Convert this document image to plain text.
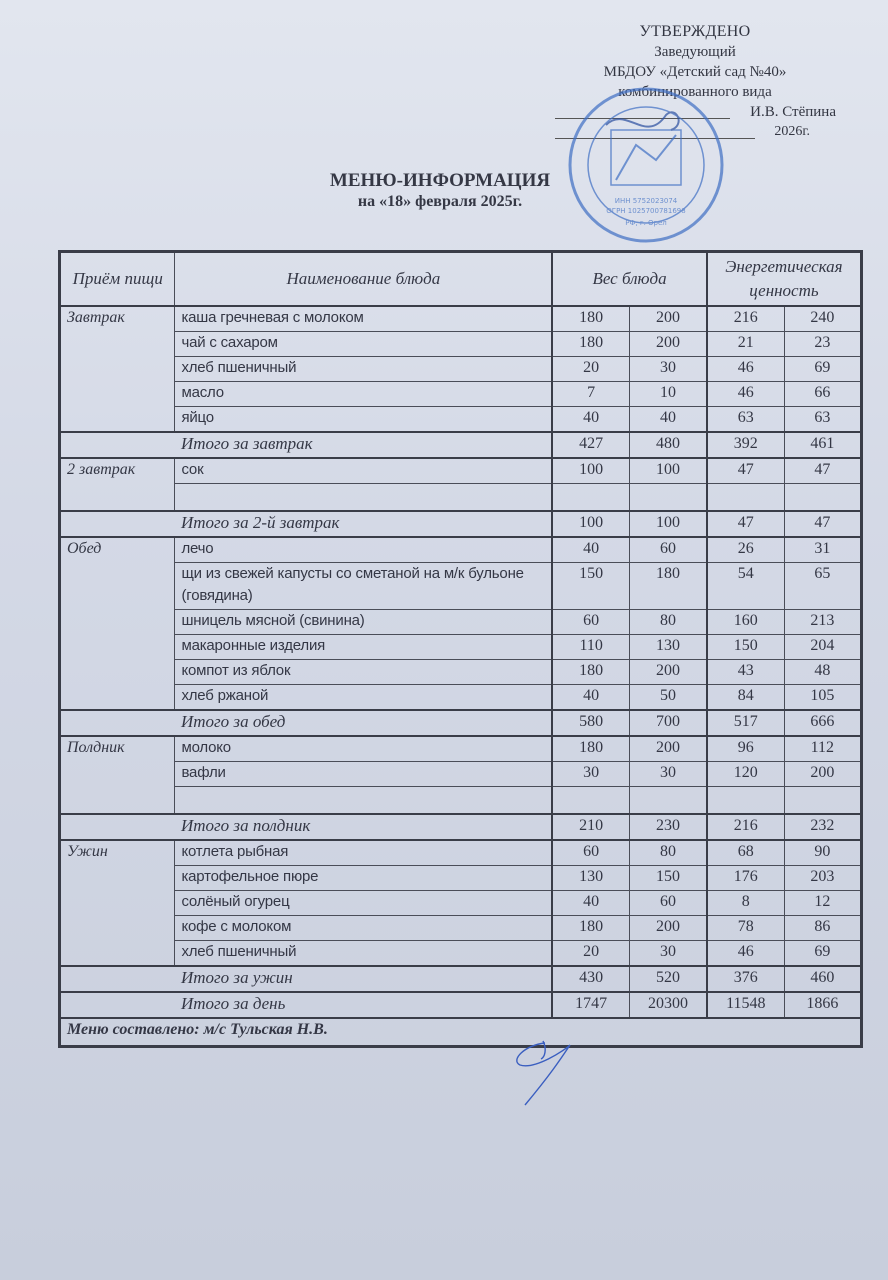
УТВЕРЖДЕНО
Заведующий
МБДОУ «Детский сад №40»
комбинированного вида
И.В. Стёпина
2026г.
ИНН 5752023074
ОГРН 1025700781698
РФ, г. Орел
МЕНЮ-ИНФОРМАЦИЯ
на «18» февраля 2025г.
Приём пищи	Наименование блюда	Вес блюда		Энергетическая ценность	
Завтрак	каша гречневая с молоком	180	200	216	240
	чай с сахаром	180	200	21	23
	хлеб пшеничный	20	30	46	69
	масло	7	10	46	66
	яйцо	40	40	63	63
Итого за завтрак		427	480	392	461
2 завтрак	сок	100	100	47	47

Итого за 2-й завтрак		100	100	47	47
Обед	лечо	40	60	26	31
	щи из свежей капусты со сметаной на м/к бульоне (говядина)	150	180	54	65
	шницель мясной (свинина)	60	80	160	213
	макаронные изделия	110	130	150	204
	компот из яблок	180	200	43	48
	хлеб ржаной	40	50	84	105
Итого за обед		580	700	517	666
Полдник	молоко	180	200	96	112
	вафли	30	30	120	200

Итого за полдник		210	230	216	232
Ужин	котлета рыбная	60	80	68	90
	картофельное пюре	130	150	176	203
	солёный огурец	40	60	8	12
	кофе с молоком	180	200	78	86
	хлеб пшеничный	20	30	46	69
Итого за ужин		430	520	376	460
Итого за день		1747	20300	11548	1866
Меню составлено: м/с Тульская Н.В.					
